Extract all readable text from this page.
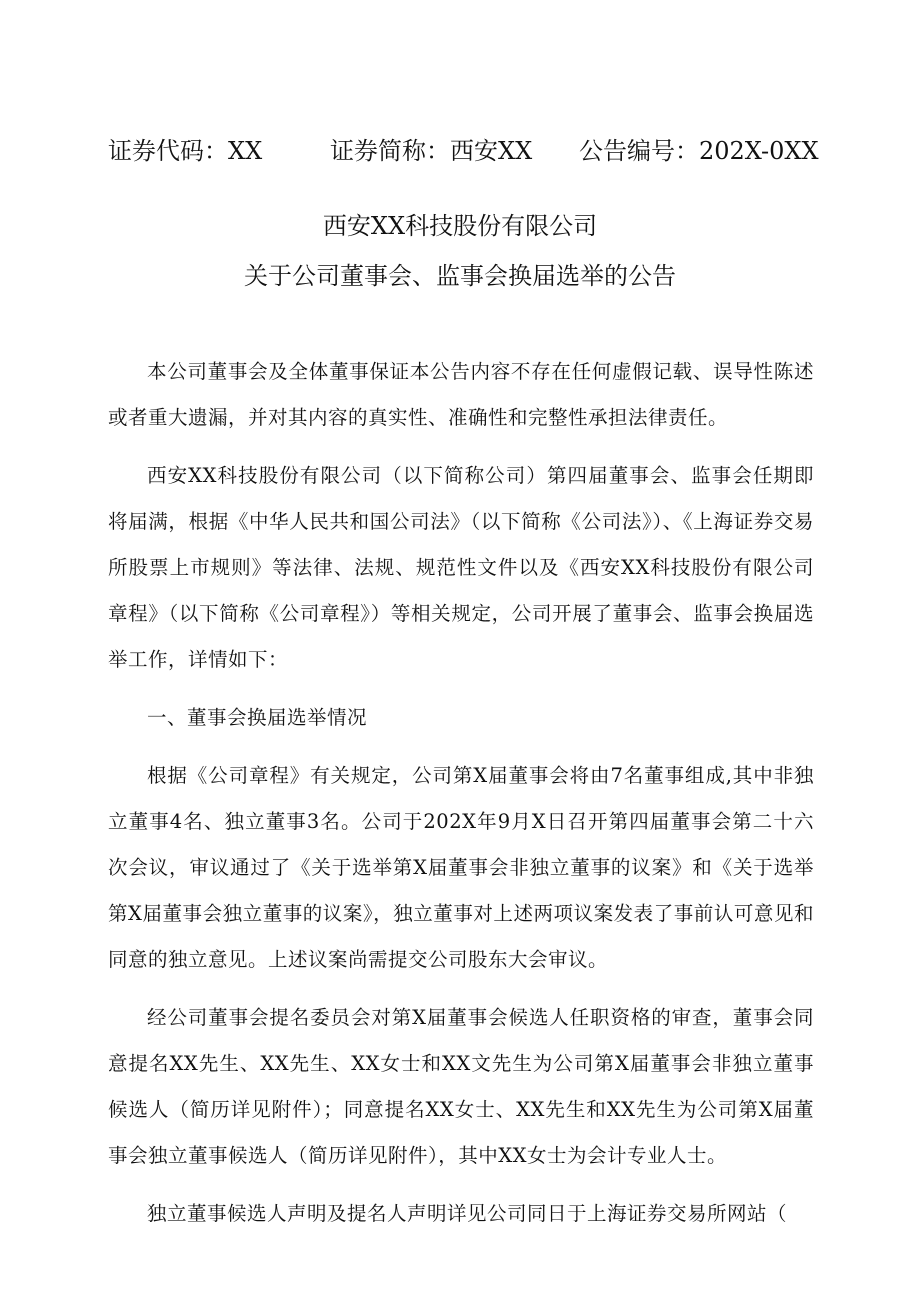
证券代码：XX	证券简称：西安XX 公告编号：202X-0XX
西安XX科技股份有限公司
关于公司董事会、监事会换届选举的公告

本公司董事会及全体董事保证本公告内容不存在任何虚假记载、误导性陈述或者重大遗漏，并对其内容的真实性、准确性和完整性承担法律责任。

西安XX科技股份有限公司（以下简称公司）第四届董事会、监事会任期即将届满，根据《中华人民共和国公司法》（以下简称《公司法》）、《上海证券交易所股票上市规则》等法律、法规、规范性文件以及《西安XX科技股份有限公司章程》（以下简称《公司章程》）等相关规定，公司开展了董事会、监事会换届选举工作，详情如下：

一、董事会换届选举情况

根据《公司章程》有关规定，公司第X届董事会将由7名董事组成,其中非独立董事4名、独立董事3名。公司于202X年9月X日召开第四届董事会第二十六次会议，审议通过了《关于选举第X届董事会非独立董事的议案》和《关于选举第X届董事会独立董事的议案》，独立董事对上述两项议案发表了事前认可意见和同意的独立意见。上述议案尚需提交公司股东大会审议。

经公司董事会提名委员会对第X届董事会候选人任职资格的审查，董事会同意提名XX先生、XX先生、XX女士和XX文先生为公司第X届董事会非独立董事候选人（简历详见附件）；同意提名XX女士、XX先生和XX先生为公司第X届董事会独立董事候选人（简历详见附件），其中XX女士为会计专业人士。

独立董事候选人声明及提名人声明详见公司同日于上海证券交易所网站（
